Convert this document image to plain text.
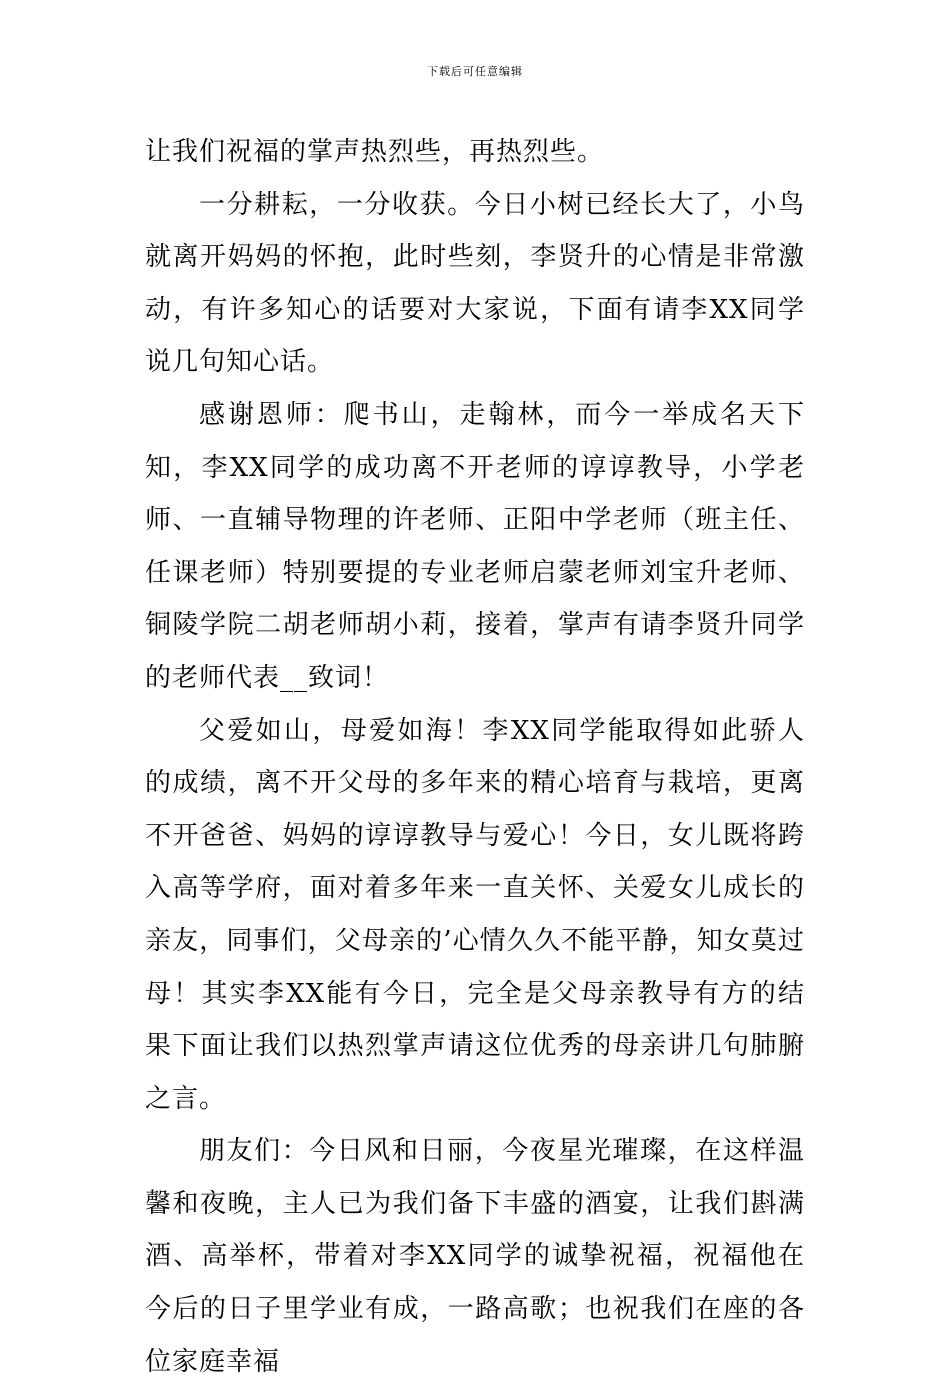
下载后可任意编辑

让我们祝福的掌声热烈些，再热烈些。

一分耕耘，一分收获。今日小树已经长大了，小鸟就离开妈妈的怀抱，此时些刻，李贤升的心情是非常激动，有许多知心的话要对大家说，下面有请李XX同学说几句知心话。

感谢恩师：爬书山，走翰林，而今一举成名天下知，李XX同学的成功离不开老师的谆谆教导，小学老师、一直辅导物理的许老师、正阳中学老师（班主任、任课老师）特别要提的专业老师启蒙老师刘宝升老师、铜陵学院二胡老师胡小莉，接着，掌声有请李贤升同学的老师代表__致词！

父爱如山，母爱如海！李XX同学能取得如此骄人的成绩，离不开父母的多年来的精心培育与栽培，更离不开爸爸、妈妈的谆谆教导与爱心！今日，女儿既将跨入高等学府，面对着多年来一直关怀、关爱女儿成长的亲友，同事们，父母亲的’心情久久不能平静，知女莫过母！其实李XX能有今日，完全是父母亲教导有方的结果下面让我们以热烈掌声请这位优秀的母亲讲几句肺腑之言。

朋友们：今日风和日丽，今夜星光璀璨，在这样温馨和夜晚，主人已为我们备下丰盛的酒宴，让我们斟满酒、高举杯，带着对李XX同学的诚挚祝福，祝福他在今后的日子里学业有成，一路高歌；也祝我们在座的各位家庭幸福
